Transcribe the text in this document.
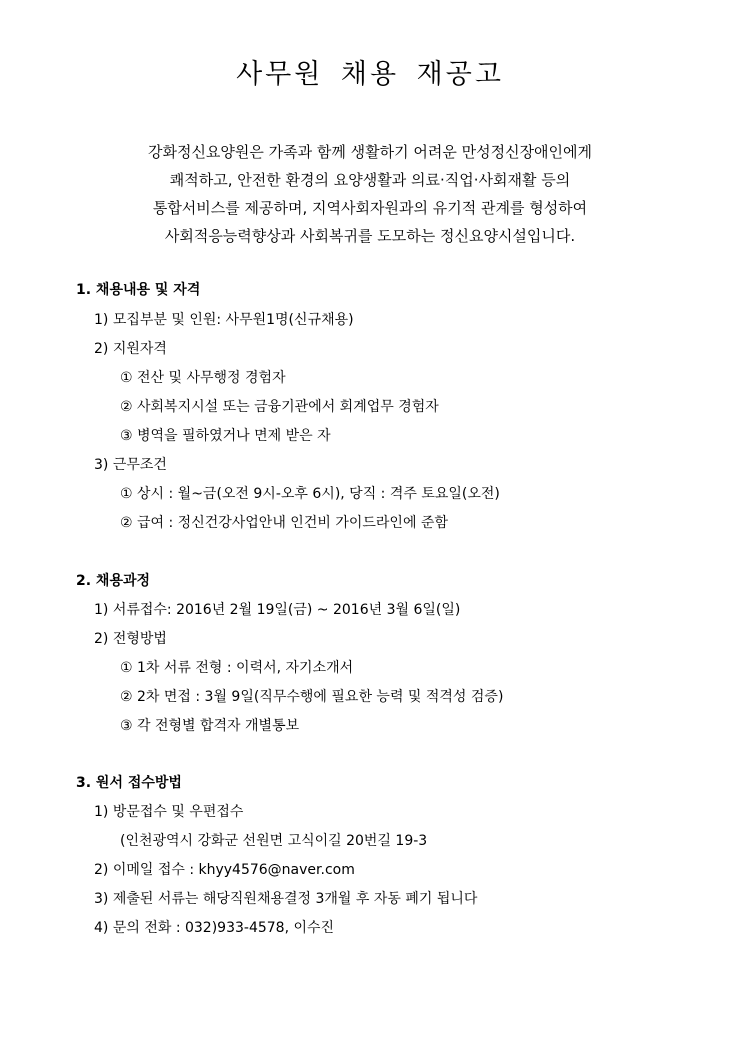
사무원 채용 재공고
강화정신요양원은 가족과 함께 생활하기 어려운 만성정신장애인에게
쾌적하고, 안전한 환경의 요양생활과 의료·직업·사회재활 등의
통합서비스를 제공하며, 지역사회자원과의 유기적 관계를 형성하여
사회적응능력향상과 사회복귀를 도모하는 정신요양시설입니다.
1. 채용내용 및 자격
1) 모집부분 및 인원: 사무원1명(신규채용)
2) 지원자격
① 전산 및 사무행정 경험자
② 사회복지시설 또는 금융기관에서 회계업무 경험자
③ 병역을 필하였거나 면제 받은 자
3) 근무조건
① 상시 : 월~금(오전 9시-오후 6시), 당직 : 격주 토요일(오전)
② 급여 : 정신건강사업안내 인건비 가이드라인에 준함
2. 채용과정
1) 서류접수: 2016년 2월 19일(금) ~ 2016년 3월 6일(일)
2) 전형방법
① 1차 서류 전형 : 이력서, 자기소개서
② 2차 면접 : 3월 9일(직무수행에 필요한 능력 및 적격성 검증)
③ 각 전형별 합격자 개별통보
3. 원서 접수방법
1) 방문접수 및 우편접수
(인천광역시 강화군 선원면 고식이길 20번길 19-3
2) 이메일 접수 : khyy4576@naver.com
3) 제출된 서류는 해당직원채용결정 3개월 후 자동 폐기 됩니다
4) 문의 전화 : 032)933-4578, 이수진
